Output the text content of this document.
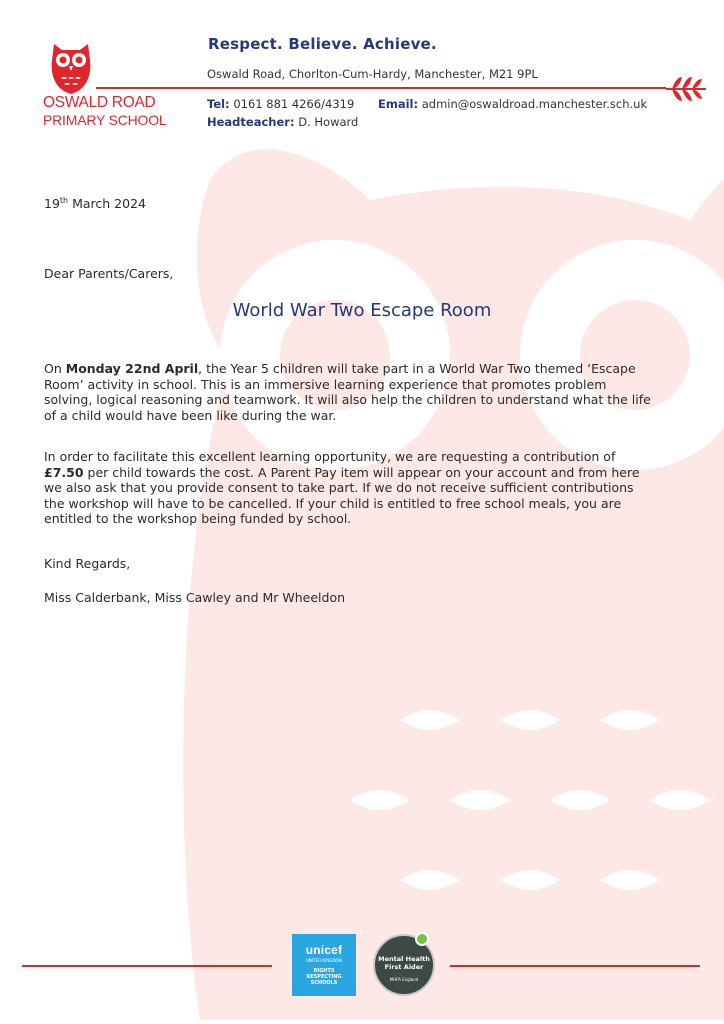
OSWALD ROAD
PRIMARY SCHOOL
Respect. Believe. Achieve.
Oswald Road, Chorlton-Cum-Hardy, Manchester, M21 9PL
Tel: 0161 881 4266/4319 Email: admin@oswaldroad.manchester.sch.uk
Headteacher: D. Howard
19th March 2024
Dear Parents/Carers,
World War Two Escape Room
On Monday 22nd April, the Year 5 children will take part in a World War Two themed ‘Escape Room’ activity in school. This is an immersive learning experience that promotes problem solving, logical reasoning and teamwork. It will also help the children to understand what the life of a child would have been like during the war.
In order to facilitate this excellent learning opportunity, we are requesting a contribution of £7.50 per child towards the cost. A Parent Pay item will appear on your account and from here we also ask that you provide consent to take part. If we do not receive sufficient contributions the workshop will have to be cancelled. If your child is entitled to free school meals, you are entitled to the workshop being funded by school.
Kind Regards,
Miss Calderbank, Miss Cawley and Mr Wheeldon
unicef
UNITED KINGDOM
RIGHTS
RESPECTING
SCHOOLS
Mental Health
First Aider
MHFA England
